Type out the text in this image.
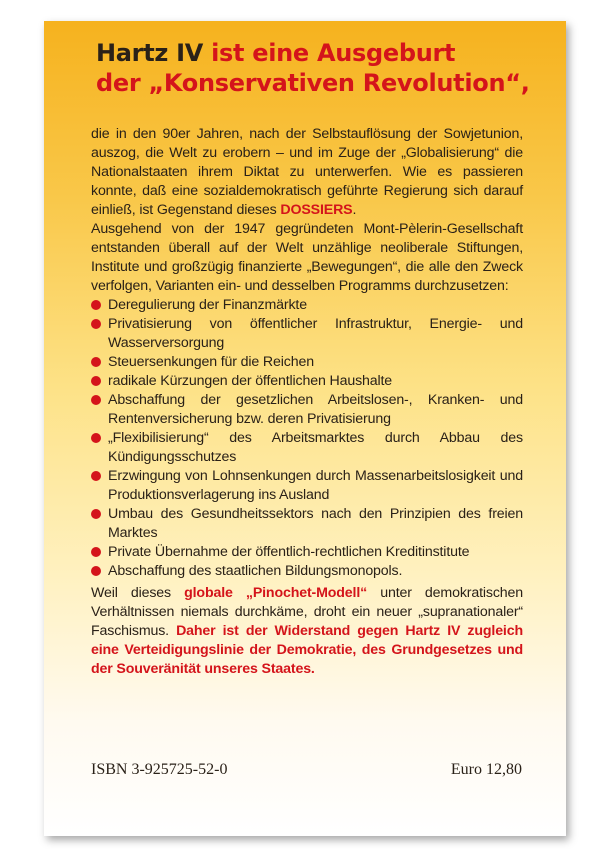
Hartz IV ist eine Ausgeburt
der „Konservativen Revolution“,

die in den 90er Jahren, nach der Selbstauflösung der Sowjetunion, auszog, die Welt zu erobern – und im Zuge der „Globalisierung“ die Nationalstaaten ihrem Diktat zu unterwerfen. Wie es passieren konnte, daß eine sozialdemokratisch geführte Regierung sich darauf einließ, ist Gegenstand dieses DOSSIERS.

Ausgehend von der 1947 gegründeten Mont-Pèlerin-Gesellschaft entstanden überall auf der Welt unzählige neoliberale Stiftungen, Institute und großzügig finanzierte „Bewegungen“, die alle den Zweck verfolgen, Varianten ein- und desselben Programms durchzusetzen:

Deregulierung der Finanzmärkte
Privatisierung von öffentlicher Infrastruktur, Energie- und Wasserversorgung
Steuersenkungen für die Reichen
radikale Kürzungen der öffentlichen Haushalte
Abschaffung der gesetzlichen Arbeitslosen-, Kranken- und Rentenversicherung bzw. deren Privatisierung
„Flexibilisierung“ des Arbeitsmarktes durch Abbau des Kündigungsschutzes
Erzwingung von Lohnsenkungen durch Massenarbeitslosigkeit und Produktionsverlagerung ins Ausland
Umbau des Gesundheitssektors nach den Prinzipien des freien Marktes
Private Übernahme der öffentlich-rechtlichen Kreditinstitute
Abschaffung des staatlichen Bildungsmonopols.

Weil dieses globale „Pinochet-Modell“ unter demokratischen Verhältnissen niemals durchkäme, droht ein neuer „supranationaler“ Faschismus. Daher ist der Widerstand gegen Hartz IV zugleich eine Verteidigungslinie der Demokratie, des Grundgesetzes und der Souveränität unseres Staates.

ISBN 3-925725-52-0	Euro 12,80
